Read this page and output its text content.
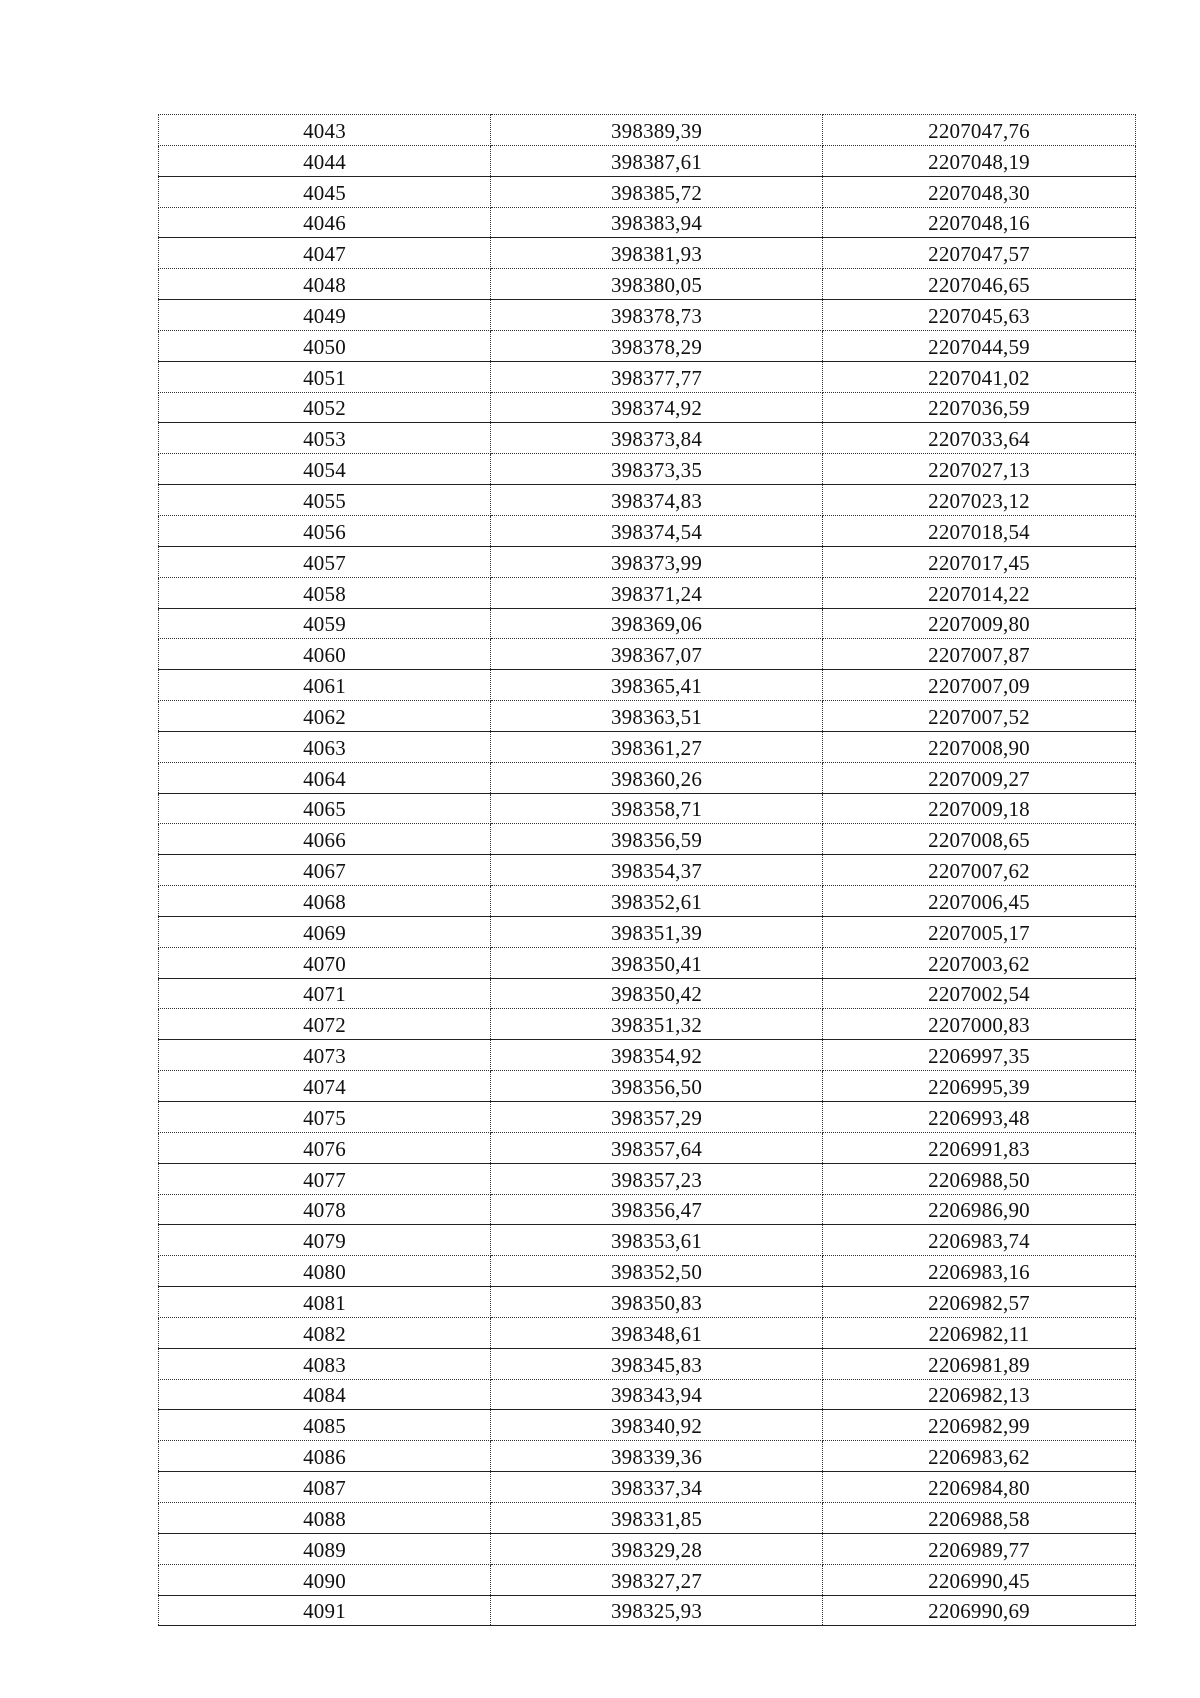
4043	398389,39	2207047,76
4044	398387,61	2207048,19
4045	398385,72	2207048,30
4046	398383,94	2207048,16
4047	398381,93	2207047,57
4048	398380,05	2207046,65
4049	398378,73	2207045,63
4050	398378,29	2207044,59
4051	398377,77	2207041,02
4052	398374,92	2207036,59
4053	398373,84	2207033,64
4054	398373,35	2207027,13
4055	398374,83	2207023,12
4056	398374,54	2207018,54
4057	398373,99	2207017,45
4058	398371,24	2207014,22
4059	398369,06	2207009,80
4060	398367,07	2207007,87
4061	398365,41	2207007,09
4062	398363,51	2207007,52
4063	398361,27	2207008,90
4064	398360,26	2207009,27
4065	398358,71	2207009,18
4066	398356,59	2207008,65
4067	398354,37	2207007,62
4068	398352,61	2207006,45
4069	398351,39	2207005,17
4070	398350,41	2207003,62
4071	398350,42	2207002,54
4072	398351,32	2207000,83
4073	398354,92	2206997,35
4074	398356,50	2206995,39
4075	398357,29	2206993,48
4076	398357,64	2206991,83
4077	398357,23	2206988,50
4078	398356,47	2206986,90
4079	398353,61	2206983,74
4080	398352,50	2206983,16
4081	398350,83	2206982,57
4082	398348,61	2206982,11
4083	398345,83	2206981,89
4084	398343,94	2206982,13
4085	398340,92	2206982,99
4086	398339,36	2206983,62
4087	398337,34	2206984,80
4088	398331,85	2206988,58
4089	398329,28	2206989,77
4090	398327,27	2206990,45
4091	398325,93	2206990,69
